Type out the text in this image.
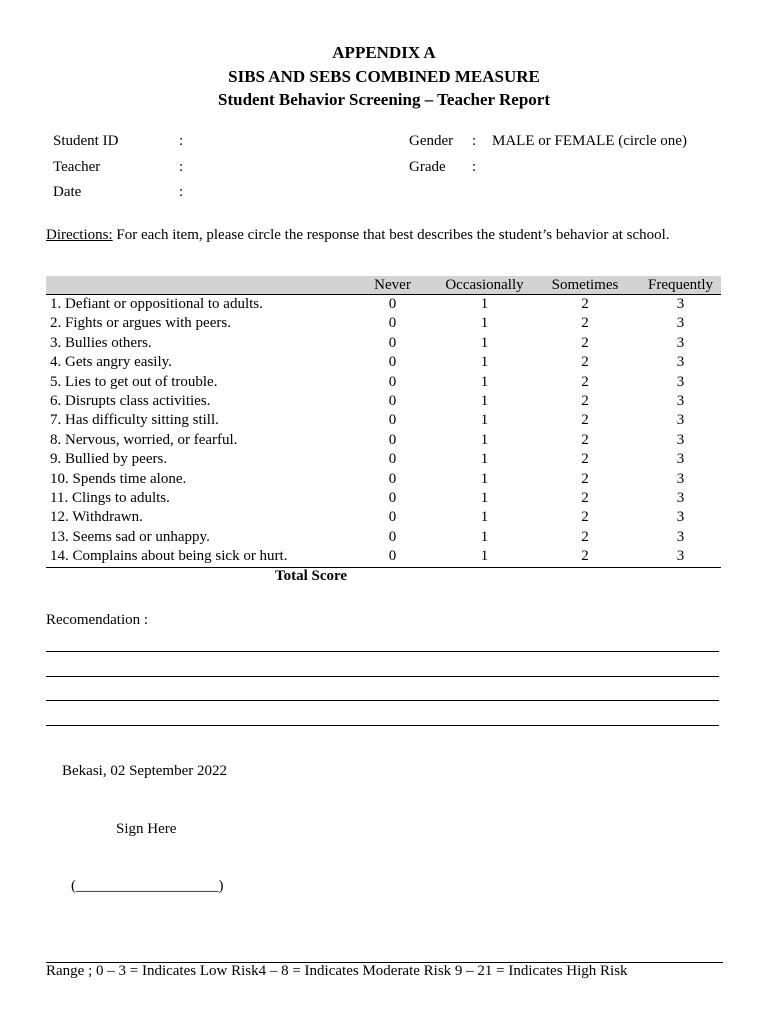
APPENDIX A
SIBS AND SEBS COMBINED MEASURE
Student Behavior Screening – Teacher Report
Student ID	:
Teacher	:
Date	:
Gender : MALE or FEMALE (circle one)
Grade :
Directions: For each item, please circle the response that best describes the student’s behavior at school.
	Never	Occasionally	Sometimes	Frequently
1. Defiant or oppositional to adults.	0	1	2	3
2. Fights or argues with peers.	0	1	2	3
3. Bullies others.	0	1	2	3
4. Gets angry easily.	0	1	2	3
5. Lies to get out of trouble.	0	1	2	3
6. Disrupts class activities.	0	1	2	3
7. Has difficulty sitting still.	0	1	2	3
8. Nervous, worried, or fearful.	0	1	2	3
9. Bullied by peers.	0	1	2	3
10. Spends time alone.	0	1	2	3
11. Clings to adults.	0	1	2	3
12. Withdrawn.	0	1	2	3
13. Seems sad or unhappy.	0	1	2	3
14. Complains about being sick or hurt.	0	1	2	3
Total Score
Recomendation :
Bekasi, 02 September 2022
Sign Here
(___________________)
Range ; 0 – 3 = Indicates Low Risk4 – 8 = Indicates Moderate Risk 9 – 21 = Indicates High Risk
